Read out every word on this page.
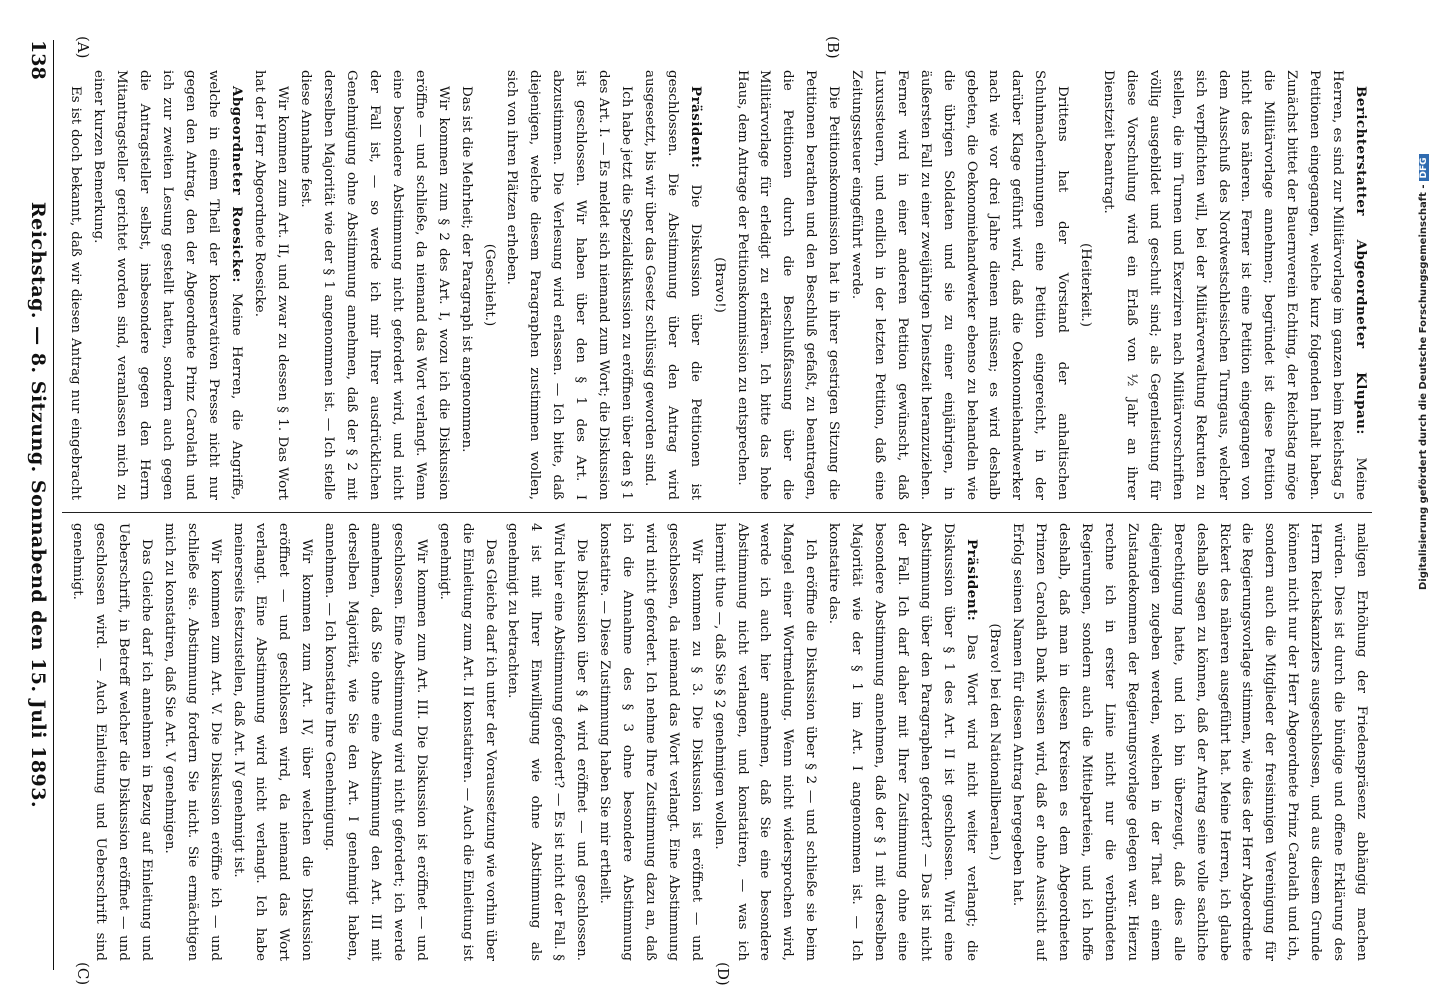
138
Reichstag. — 8. Sitzung. Sonnabend den 15. Juli 1893.	Berichterstatter Abgeordneter Klupau: Meine Herren, es sind zur Militärvorlage im ganzen beim Reichstag 5 Petitionen eingegangen, welche kurz folgenden Inhalt haben. Zunächst bittet der Bauernverein Echting, der Reichstag möge die Militärvorlage annehmen; begründet ist diese Petition nicht des näheren. Ferner ist eine Petition eingegangen von dem Ausschuß des Nordwestschlesischen Turngaus, welcher sich verpflichten will, bei der Militärverwaltung Rekruten zu stellen, die im Turnen und Exerziren nach Militärvorschriften völlig ausgebildet und geschult sind; als Gegenleistung für diese Vorschulung wird ein Erlaß von ½ Jahr an ihrer Dienstzeit beantragt.

(Heiterkeit.)

Drittens hat der Vorstand der anhaltischen Schuhmacherinnungen eine Petition eingereicht, in der darüber Klage geführt wird, daß die Oekonomiehandwerker nach wie vor drei Jahre dienen müssen; es wird deshalb gebeten, die Oekonomiehandwerker ebenso zu behandeln wie die übrigen Soldaten und sie zu einer einjährigen, in äußersten Fall zu einer zweijährigen Dienstzeit heranzuziehen. Ferner wird in einer anderen Petition gewünscht, daß Luxussteuern, und endlich in der letzten Petition, daß eine Zeitungssteuer eingeführt werde.

Die Petitionskommission hat in ihrer gestrigen Sitzung die Petitionen berathen und den Beschluß gefaßt, zu beantragen, die Petitionen durch die Beschlußfassung über die Militärvorlage für erledigt zu erklären. Ich bitte das hohe Haus, dem Antrage der Petitionskommission zu entsprechen.

(Bravo!)

Präsident: Die Diskussion über die Petitionen ist geschlossen. Die Abstimmung über den Antrag wird ausgesetzt, bis wir über das Gesetz schlüssig geworden sind.

Ich habe jetzt die Spezialdiskussion zu eröffnen über den § 1 des Art. I. — Es meldet sich niemand zum Wort; die Diskussion ist geschlossen. Wir haben über den § 1 des Art. I abzustimmen. Die Verlesung wird erlassen. — Ich bitte, daß diejenigen, welche diesem Paragraphen zustimmen wollen, sich von ihren Plätzen erheben.

(Geschieht.)

Das ist die Mehrheit; der Paragraph ist angenommen.

Wir kommen zum § 2 des Art. I, wozu ich die Diskussion eröffne — und schließe, da niemand das Wort verlangt. Wenn eine besondere Abstimmung nicht gefordert wird, und nicht der Fall ist, — so werde ich mir Ihrer ausdrücklichen Genehmigung ohne Abstimmung annehmen, daß der § 2 mit derselben Majorität wie der § 1 angenommen ist. — Ich stelle diese Annahme fest.

Wir kommen zum Art. II, und zwar zu dessen § 1. Das Wort hat der Herr Abgeordnete Roesicke.

Abgeordneter Roesicke: Meine Herren, die Angriffe, welche in einem Theil der konservativen Presse nicht nur gegen den Antrag, den der Abgeordnete Prinz Carolath und ich zur zweiten Lesung gestellt hatten, sondern auch gegen die Antragsteller selbst, insbesondere gegen den Herrn Mitantragsteller gerichtet worden sind, veranlassen mich zu einer kurzen Bemerkung.

Es ist doch bekannt, daß wir diesen Antrag nur eingebracht

maligen Erhöhung der Friedenspräsenz abhängig machen würden. Dies ist durch die bündige und offene Erklärung des Herrn Reichskanzlers ausgeschlossen, und aus diesem Grunde können nicht nur der Herr Abgeordnete Prinz Carolath und ich, sondern auch die Mitglieder der freisinnigen Vereinigung für die Regierungsvorlage stimmen, wie dies der Herr Abgeordnete Rickert des näheren ausgeführt hat. Meine Herren, ich glaube deshalb sagen zu können, daß der Antrag seine volle sachliche Berechtigung hatte, und ich bin überzeugt, daß dies alle diejenigen zugeben werden, welchen in der That an einem Zustandekommen der Regierungsvorlage gelegen war. Hierzu rechne ich in erster Linie nicht nur die verbündeten Regierungen, sondern auch die Mittelparteien, und ich hoffe deshalb, daß man in diesen Kreisen es dem Abgeordneten Prinzen Carolath Dank wissen wird, daß er ohne Aussicht auf Erfolg seinen Namen für diesen Antrag hergegeben hat.

(Bravo! bei den Nationalliberalen.)

Präsident: Das Wort wird nicht weiter verlangt; die Diskussion über § 1 des Art. II ist geschlossen. Wird eine Abstimmung über den Paragraphen gefordert? — Das ist nicht der Fall. Ich darf daher mit Ihrer Zustimmung ohne eine besondere Abstimmung annehmen, daß der § 1 mit derselben Majorität wie der § 1 im Art. I angenommen ist. — Ich konstatire das.

Ich eröffne die Diskussion über § 2 — und schließe sie beim Mangel einer Wortmeldung. Wenn nicht widersprochen wird, werde ich auch hier annehmen, daß Sie eine besondere Abstimmung nicht verlangen, und konstatiren, — was ich hiermit thue —, daß Sie § 2 genehmigen wollen.

Wir kommen zu § 3. Die Diskussion ist eröffnet — und geschlossen, da niemand das Wort verlangt. Eine Abstimmung wird nicht gefordert. Ich nehme Ihre Zustimmung dazu an, daß ich die Annahme des § 3 ohne besondere Abstimmung konstatire. — Diese Zustimmung haben Sie mir ertheilt.

Die Diskussion über § 4 wird eröffnet — und geschlossen. Wird hier eine Abstimmung gefordert? — Es ist nicht der Fall. § 4 ist mit Ihrer Einwilligung wie ohne Abstimmung als genehmigt zu betrachten.

Das Gleiche darf ich unter der Voraussetzung wie vorhin über die Einleitung zum Art. II konstatiren. — Auch die Einleitung ist genehmigt.

Wir kommen zum Art. III. Die Diskussion ist eröffnet — und geschlossen. Eine Abstimmung wird nicht gefordert; ich werde annehmen, daß Sie ohne eine Abstimmung den Art. III mit derselben Majorität, wie Sie den Art. I genehmigt haben, annehmen. — Ich konstatire Ihre Genehmigung.

Wir kommen zum Art. IV, über welchen die Diskussion eröffnet — und geschlossen wird, da niemand das Wort verlangt. Eine Abstimmung wird nicht verlangt. Ich habe meinerseits festzustellen, daß Art. IV genehmigt ist.

Wir kommen zum Art. V. Die Diskussion eröffne ich — und schließe sie. Abstimmung fordern Sie nicht. Sie ermächtigen mich zu konstatiren, daß Sie Art. V genehmigen.

Das Gleiche darf ich annehmen in Bezug auf Einleitung und Ueberschrift, in Betreff welcher die Diskussion eröffnet — und geschlossen wird. — Auch Einleitung und Ueberschrift sind genehmigt.

(A)	(B)
(C)	(D)
Digitalisierung gefördert durch die Deutsche Forschungsgemeinschaft -DFG
